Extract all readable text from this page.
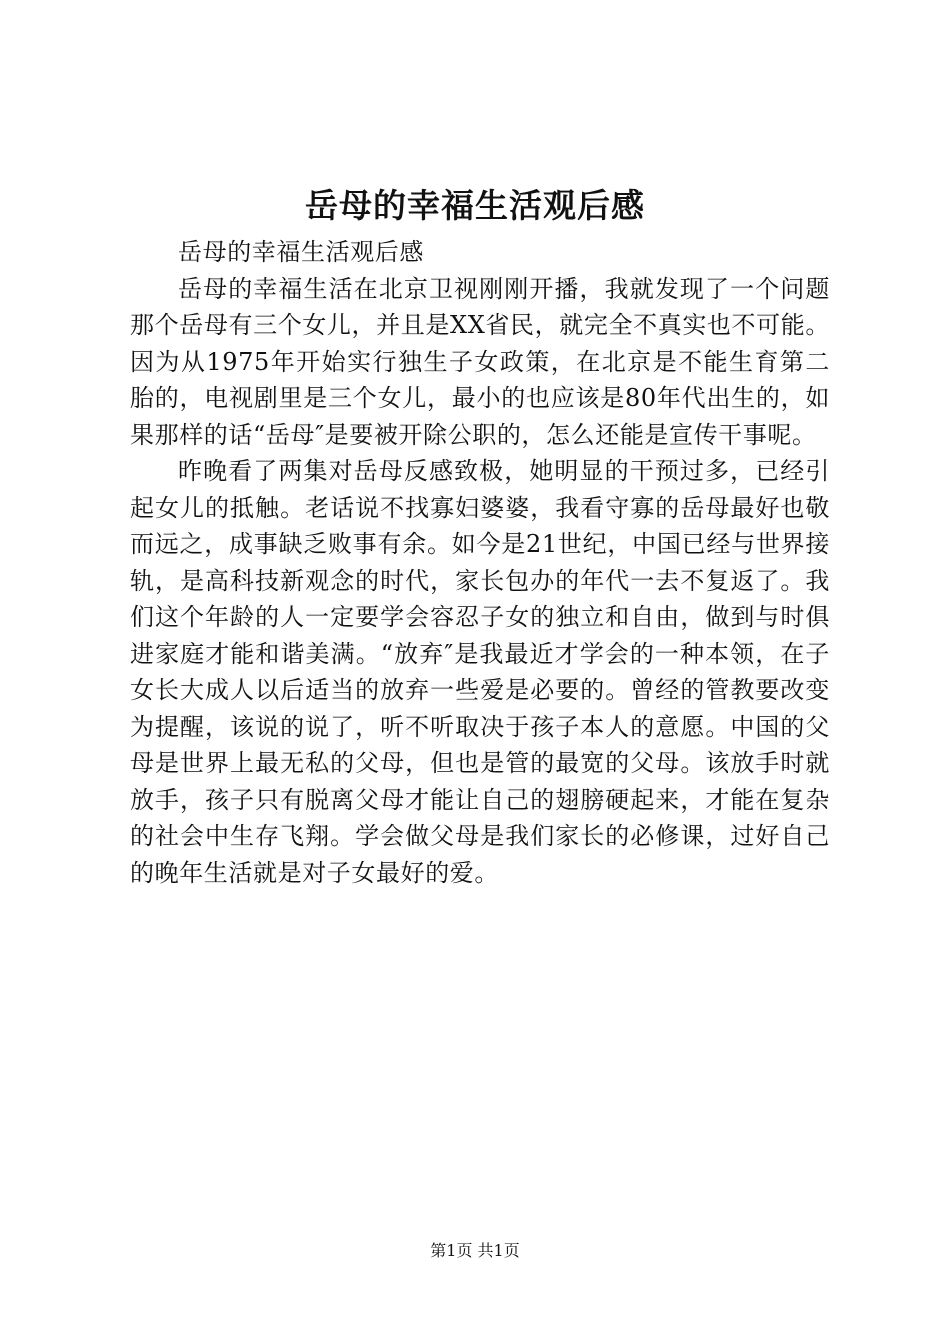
岳母的幸福生活观后感

岳母的幸福生活观后感

岳母的幸福生活在北京卫视刚刚开播，我就发现了一个问题那个岳母有三个女儿，并且是XX省民，就完全不真实也不可能。因为从1975年开始实行独生子女政策，在北京是不能生育第二胎的，电视剧里是三个女儿，最小的也应该是80年代出生的，如果那样的话“岳母″是要被开除公职的，怎么还能是宣传干事呢。

昨晚看了两集对岳母反感致极，她明显的干预过多，已经引起女儿的抵触。老话说不找寡妇婆婆，我看守寡的岳母最好也敬而远之，成事缺乏败事有余。如今是21世纪，中国已经与世界接轨，是高科技新观念的时代，家长包办的年代一去不复返了。我们这个年龄的人一定要学会容忍子女的独立和自由，做到与时俱进家庭才能和谐美满。“放弃″是我最近才学会的一种本领，在子女长大成人以后适当的放弃一些爱是必要的。曾经的管教要改变为提醒，该说的说了，听不听取决于孩子本人的意愿。中国的父母是世界上最无私的父母，但也是管的最宽的父母。该放手时就放手，孩子只有脱离父母才能让自己的翅膀硬起来，才能在复杂的社会中生存飞翔。学会做父母是我们家长的必修课，过好自己的晚年生活就是对子女最好的爱。

第1页 共1页
